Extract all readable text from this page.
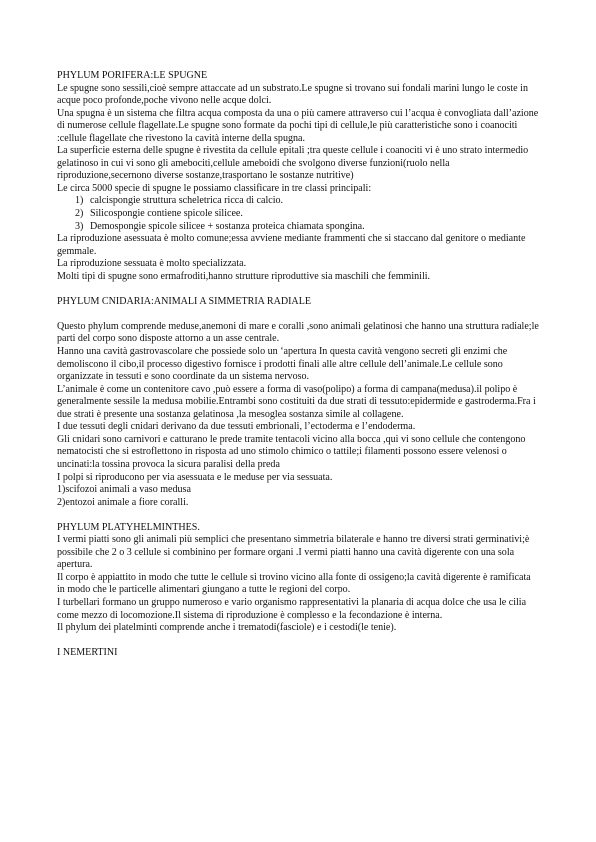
PHYLUM PORIFERA:LE SPUGNE

Le spugne sono sessili,cioè sempre attaccate ad un substrato.Le spugne si trovano sui fondali marini lungo le coste in acque poco profonde,poche vivono nelle acque dolci.

Una spugna è un sistema che filtra acqua composta da una o più camere attraverso cui l’acqua è convogliata dall’azione di numerose cellule flagellate.Le spugne sono formate da pochi tipi di cellule,le più caratteristiche sono i coanociti :cellule flagellate che rivestono la cavità interne della spugna.

La superficie esterna delle spugne è rivestita da cellule epitali ;tra queste cellule i coanociti vi è uno strato intermedio gelatinoso in cui vi sono gli amebociti,cellule ameboidi che svolgono diverse funzioni(ruolo nella riproduzione,secernono diverse sostanze,trasportano le sostanze nutritive)

Le circa 5000 specie di spugne le possiamo classificare in tre classi principali:

1) calcispongie struttura scheletrica ricca di calcio.
2) Silicospongie contiene spicole silicee.
3) Demospongie spicole silicee + sostanza proteica chiamata spongina.

La riproduzione asessuata è molto comune;essa avviene mediante frammenti che si staccano dal genitore o mediante gemmale.

La riproduzione sessuata è molto specializzata.

Molti tipi di spugne sono ermafroditi,hanno strutture riproduttive sia maschili che femminili.

PHYLUM CNIDARIA:ANIMALI A SIMMETRIA RADIALE

Questo phylum comprende meduse,anemoni di mare e coralli ,sono animali gelatinosi che hanno una struttura radiale;le parti del corpo sono disposte attorno a un asse centrale.

Hanno una cavità gastrovascolare che possiede solo un ‘apertura In questa cavità vengono secreti gli enzimi che demoliscono il cibo,il processo digestivo fornisce i prodotti finali alle altre cellule dell’animale.Le cellule sono organizzate in tessuti e sono coordinate da un sistema nervoso.

L’animale è come un contenitore cavo ,può essere a forma di vaso(polipo) a forma di campana(medusa).il polipo è generalmente sessile la medusa mobilie.Entrambi sono costituiti da due strati di tessuto:epidermide e gastroderma.Fra i due strati è presente una sostanza gelatinosa ,la mesoglea sostanza simile al collagene.

I due tessuti degli cnidari derivano da due tessuti embrionali, l’ectoderma e l’endoderma.

Gli cnidari sono carnivori e catturano le prede tramite tentacoli vicino alla bocca ,qui vi sono cellule che contengono nematocisti che si estroflettono in risposta ad uno stimolo chimico o tattile;i filamenti possono essere velenosi o uncinati:la tossina provoca la sicura paralisi della preda

I polpi si riproducono per via asessuata e le meduse per via sessuata.

1)scifozoi animali a vaso medusa

2)entozoi animale a fiore coralli.

PHYLUM PLATYHELMINTHES.

I vermi piatti sono gli animali più semplici che presentano simmetria bilaterale e hanno tre diversi strati germinativi;è possibile che 2 o 3 cellule si combinino per formare organi .I vermi piatti hanno una cavità digerente con una sola apertura.

Il corpo è appiattito in modo che tutte le cellule si trovino vicino alla fonte di ossigeno;la cavità digerente è ramificata in modo che le particelle alimentari giungano a tutte le regioni del corpo.

I turbellari formano un gruppo numeroso e vario organismo rappresentativi la planaria di acqua dolce che usa le cilia come mezzo di locomozione.Il sistema di riproduzione è complesso e la fecondazione è interna.

Il phylum dei platelminti comprende anche i trematodi(fasciole) e i cestodi(le tenie).

I NEMERTINI
